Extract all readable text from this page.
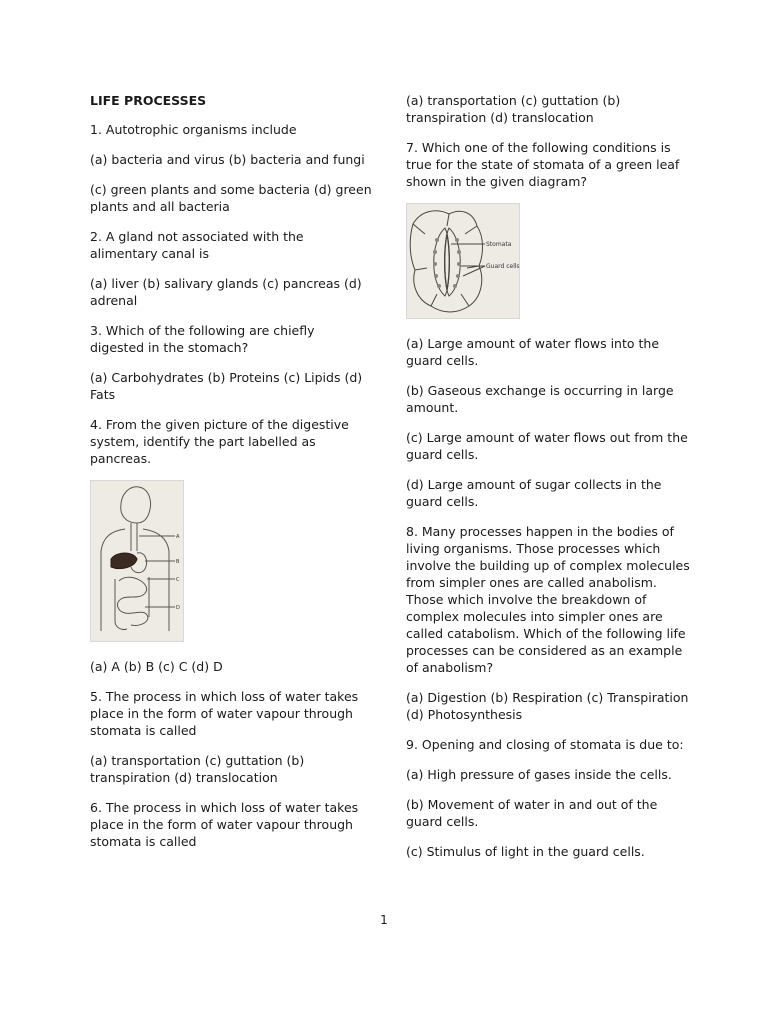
LIFE PROCESSES

1. Autotrophic organisms include

(a) bacteria and virus (b) bacteria and fungi

(c) green plants and some bacteria (d) green plants and all bacteria

2. A gland not associated with the alimentary canal is

(a) liver (b) salivary glands (c) pancreas (d) adrenal

3. Which of the following are chiefly digested in the stomach?

(a) Carbohydrates (b) Proteins (c) Lipids (d) Fats

4. From the given picture of the digestive system, identify the part labelled as pancreas.

A
B
C
D

(a) A (b) B (c) C (d) D

5. The process in which loss of water takes place in the form of water vapour through stomata is called

(a) transportation (c) guttation (b) transpiration (d) translocation

6. The process in which loss of water takes place in the form of water vapour through stomata is called

(a) transportation (c) guttation (b) transpiration (d) translocation

7. Which one of the following conditions is true for the state of stomata of a green leaf shown in the given diagram?

Stomata
Guard cells

(a) Large amount of water flows into the guard cells.

(b) Gaseous exchange is occurring in large amount.

(c) Large amount of water flows out from the guard cells.

(d) Large amount of sugar collects in the guard cells.

8. Many processes happen in the bodies of living organisms. Those processes which involve the building up of complex molecules from simpler ones are called anabolism. Those which involve the breakdown of complex molecules into simpler ones are called catabolism. Which of the following life processes can be considered as an example of anabolism?

(a) Digestion (b) Respiration (c) Transpiration (d) Photosynthesis

9. Opening and closing of stomata is due to:

(a) High pressure of gases inside the cells.

(b) Movement of water in and out of the guard cells.

(c) Stimulus of light in the guard cells.

1
